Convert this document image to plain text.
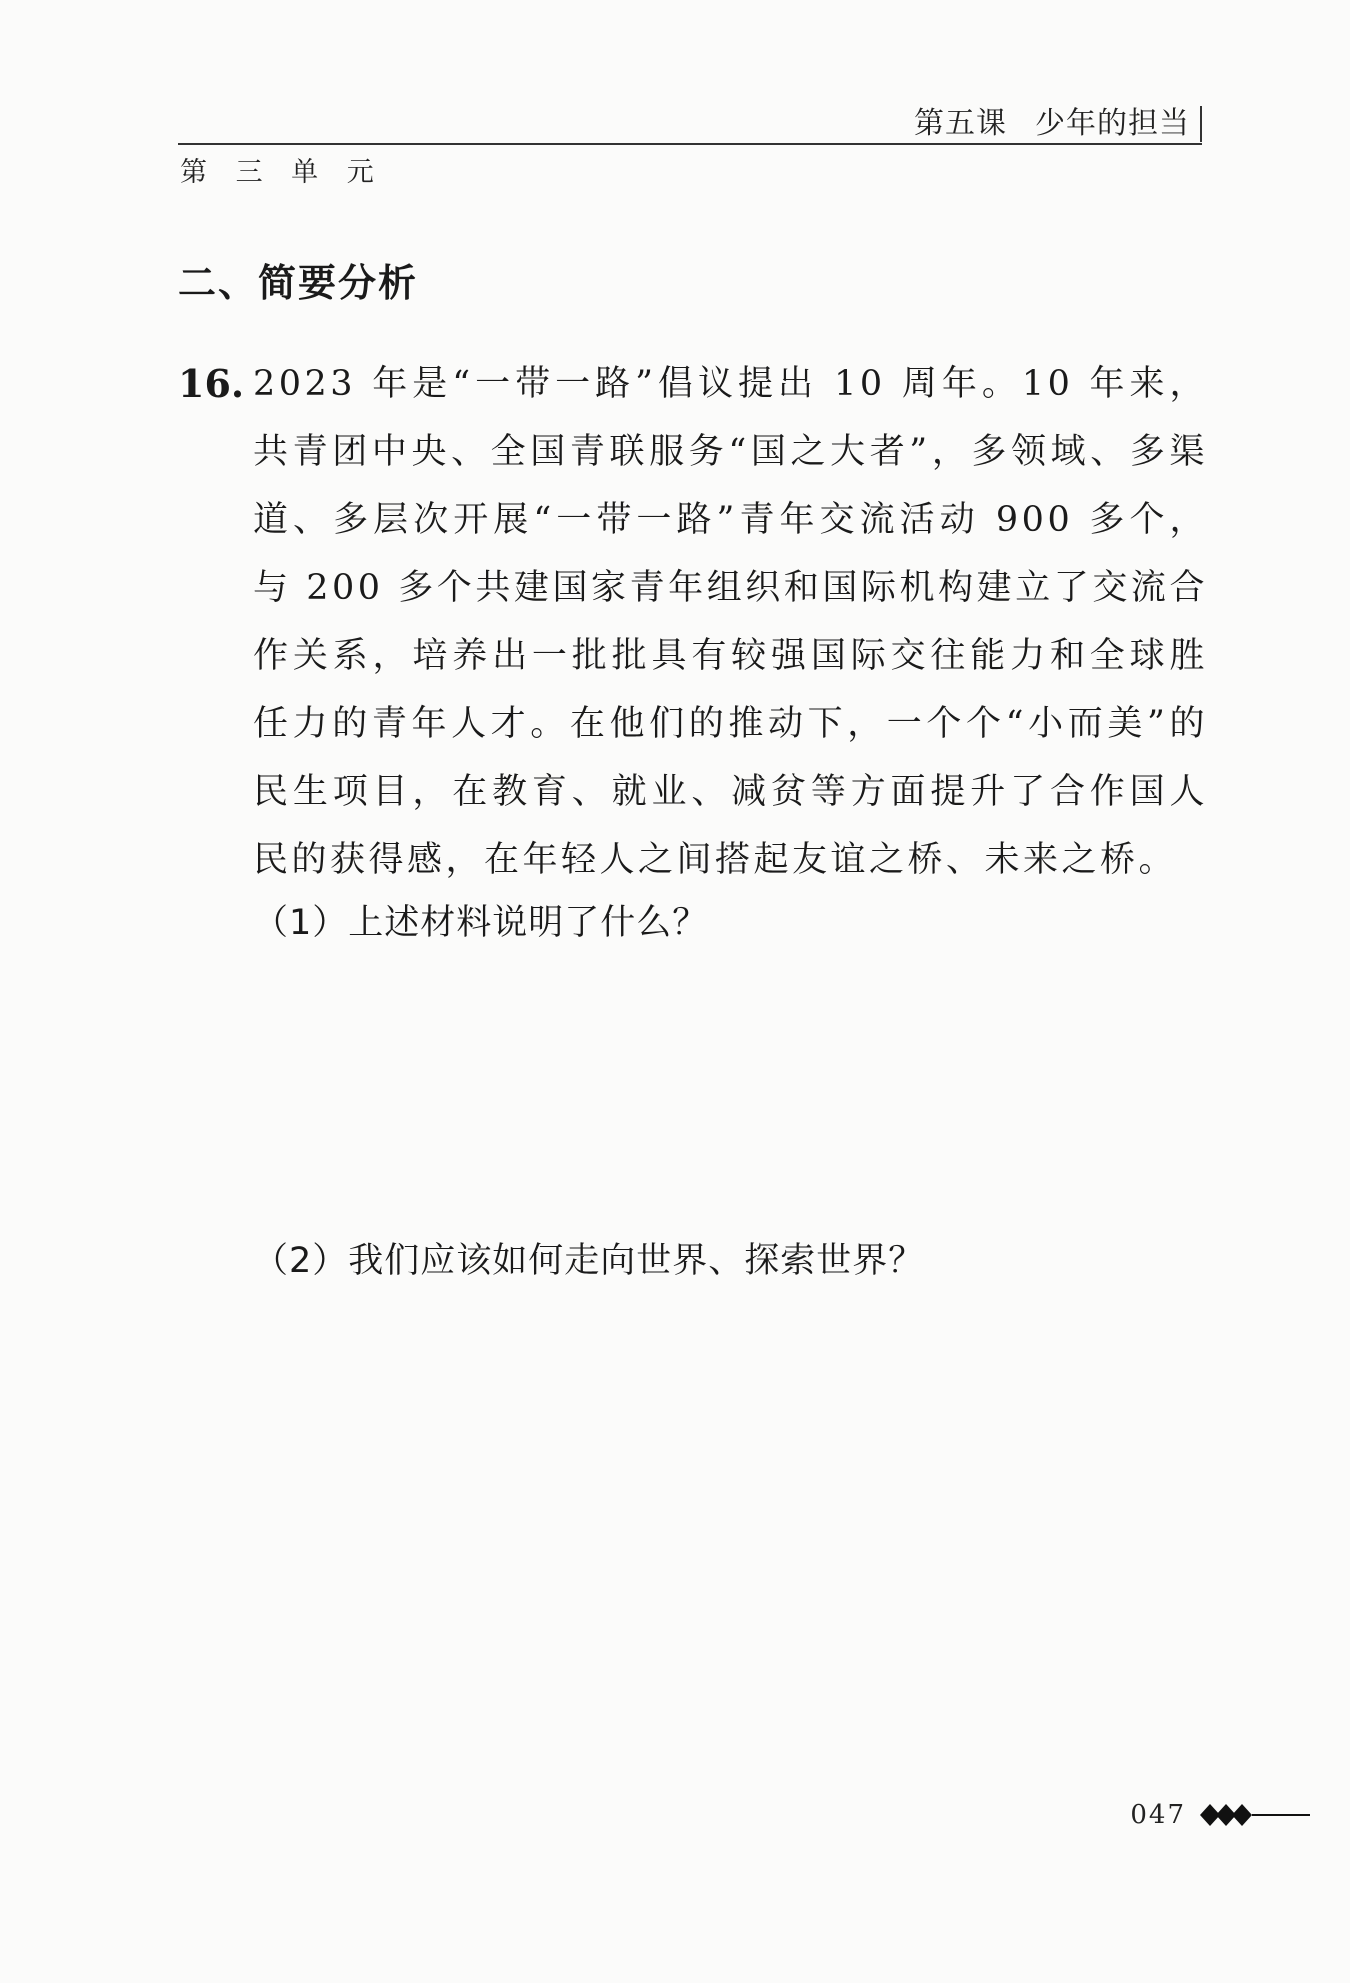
第五课 少年的担当
第 三 单 元
二、简要分析
16. 2023 年是“一带一路”倡议提出 10 周年。10 年来，共青团中央、全国青联服务“国之大者”，多领域、多渠道、多层次开展“一带一路”青年交流活动 900 多个，与 200 多个共建国家青年组织和国际机构建立了交流合作关系，培养出一批批具有较强国际交往能力和全球胜任力的青年人才。在他们的推动下，一个个“小而美”的民生项目，在教育、就业、减贫等方面提升了合作国人民的获得感，在年轻人之间搭起友谊之桥、未来之桥。
（1）上述材料说明了什么？
（2）我们应该如何走向世界、探索世界？
047
